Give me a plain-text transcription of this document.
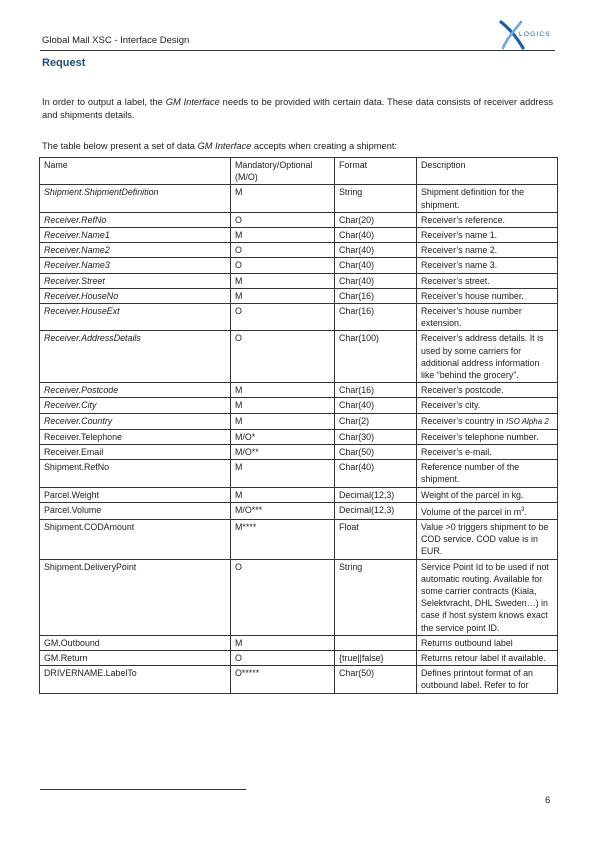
Global Mail XSC - Interface Design
LOGICS
Request
In order to output a label, the GM Interface needs to be provided with certain data. These data consists of receiver address and shipments details.
The table below present a set of data GM Interface accepts when creating a shipment:
Name	Mandatory/Optional (M/O)	Format	Description
Shipment.ShipmentDefinition	M	String	Shipment definition for the shipment.
Receiver.RefNo	O	Char(20)	Receiver’s reference.
Receiver.Name1	M	Char(40)	Receiver’s name 1.
Receiver.Name2	O	Char(40)	Receiver’s name 2.
Receiver.Name3	O	Char(40)	Receiver’s name 3.
Receiver.Street	M	Char(40)	Receiver’s street.
Receiver.HouseNo	M	Char(16)	Receiver’s house number.
Receiver.HouseExt	O	Char(16)	Receiver’s house number extension.
Receiver.AddressDetails	O	Char(100)	Receiver’s address details. It is used by some carriers for additional address information like “behind the grocery”.
Receiver.Postcode	M	Char(16)	Receiver’s postcode.
Receiver.City	M	Char(40)	Receiver’s city.
Receiver.Country	M	Char(2)	Receiver’s country in ISO Alpha 2
Receiver.Telephone	M/O*	Char(30)	Receiver’s telephone number.
Receiver.Email	M/O**	Char(50)	Receiver’s e-mail.
Shipment.RefNo	M	Char(40)	Reference number of the shipment.
Parcel.Weight	M	Decimal(12,3)	Weight of the parcel in kg.
Parcel.Volume	M/O***	Decimal(12,3)	Volume of the parcel in $m^3$.
Shipment.CODAmount	M****	Float	Value >0 triggers shipment to be COD service. COD value is in EUR.
Shipment.DeliveryPoint	O	String	Service Point Id to be used if not automatic routing. Available for some carrier contracts (Kiala, Selektvracht, DHL Sweden…) in case if host system knows exact the service point ID.
GM.Outbound	M		Returns outbound label
GM.Return	O	{true||false}	Returns retour label if available.
DRIVERNAME.LabelTo	O*****	Char(50)	Defines printout format of an outbound label. Refer to for
6
